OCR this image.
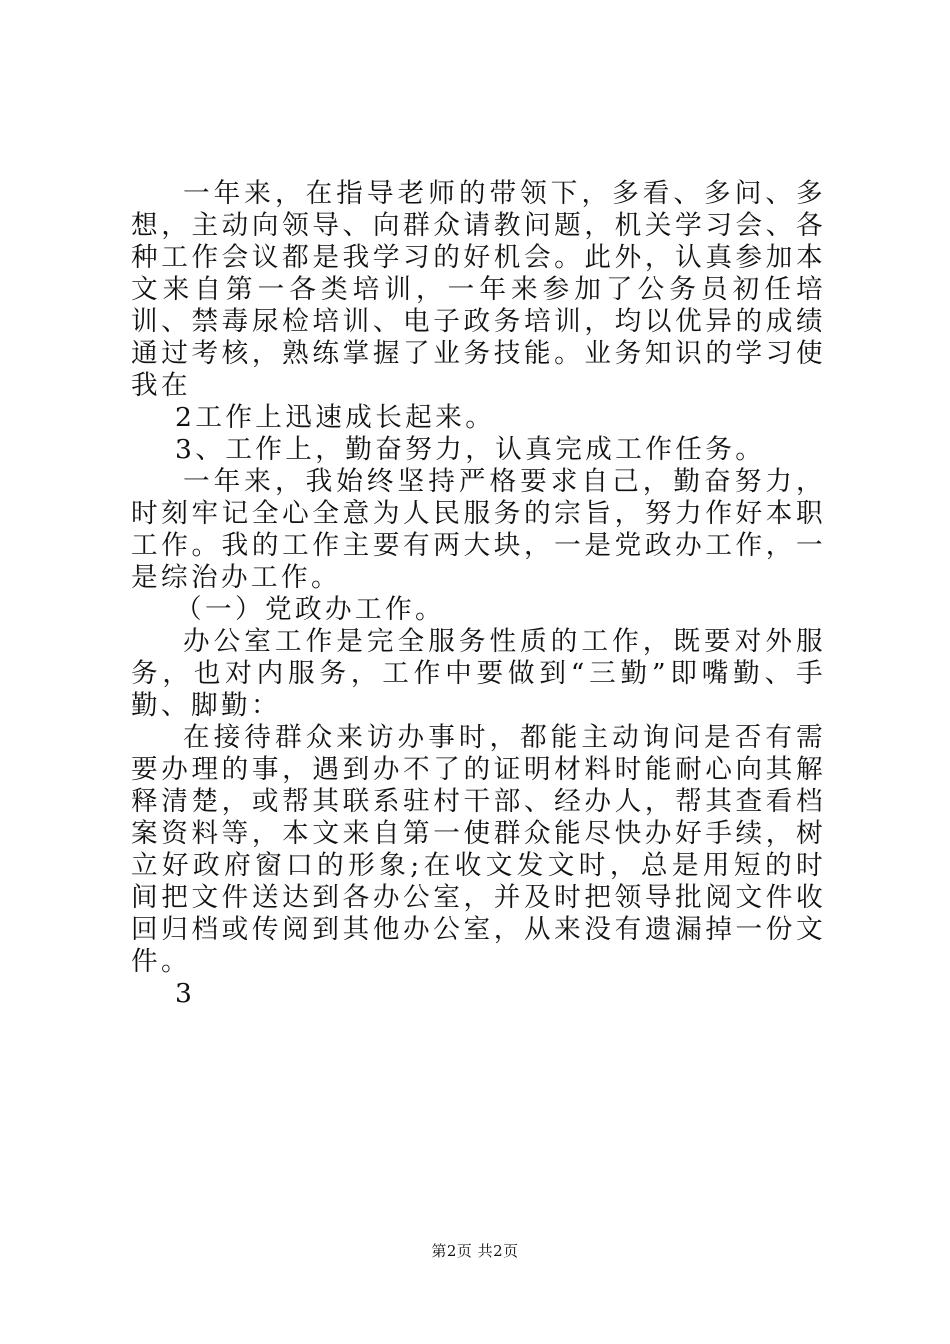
一年来，在指导老师的带领下，多看、多问、多想，主动向领导、向群众请教问题，机关学习会、各种工作会议都是我学习的好机会。此外，认真参加本文来自第一各类培训，一年来参加了公务员初任培训、禁毒尿检培训、电子政务培训，均以优异的成绩通过考核，熟练掌握了业务技能。业务知识的学习使我在

2工作上迅速成长起来。

3、工作上，勤奋努力，认真完成工作任务。

一年来，我始终坚持严格要求自己，勤奋努力，时刻牢记全心全意为人民服务的宗旨，努力作好本职工作。我的工作主要有两大块，一是党政办工作，一是综治办工作。

（一）党政办工作。

办公室工作是完全服务性质的工作，既要对外服务，也对内服务，工作中要做到“三勤”即嘴勤、手勤、脚勤：

在接待群众来访办事时，都能主动询问是否有需要办理的事，遇到办不了的证明材料时能耐心向其解释清楚，或帮其联系驻村干部、经办人，帮其查看档案资料等，本文来自第一使群众能尽快办好手续，树立好政府窗口的形象;在收文发文时，总是用短的时间把文件送达到各办公室，并及时把领导批阅文件收回归档或传阅到其他办公室，从来没有遗漏掉一份文件。

3

第2页 共2页
